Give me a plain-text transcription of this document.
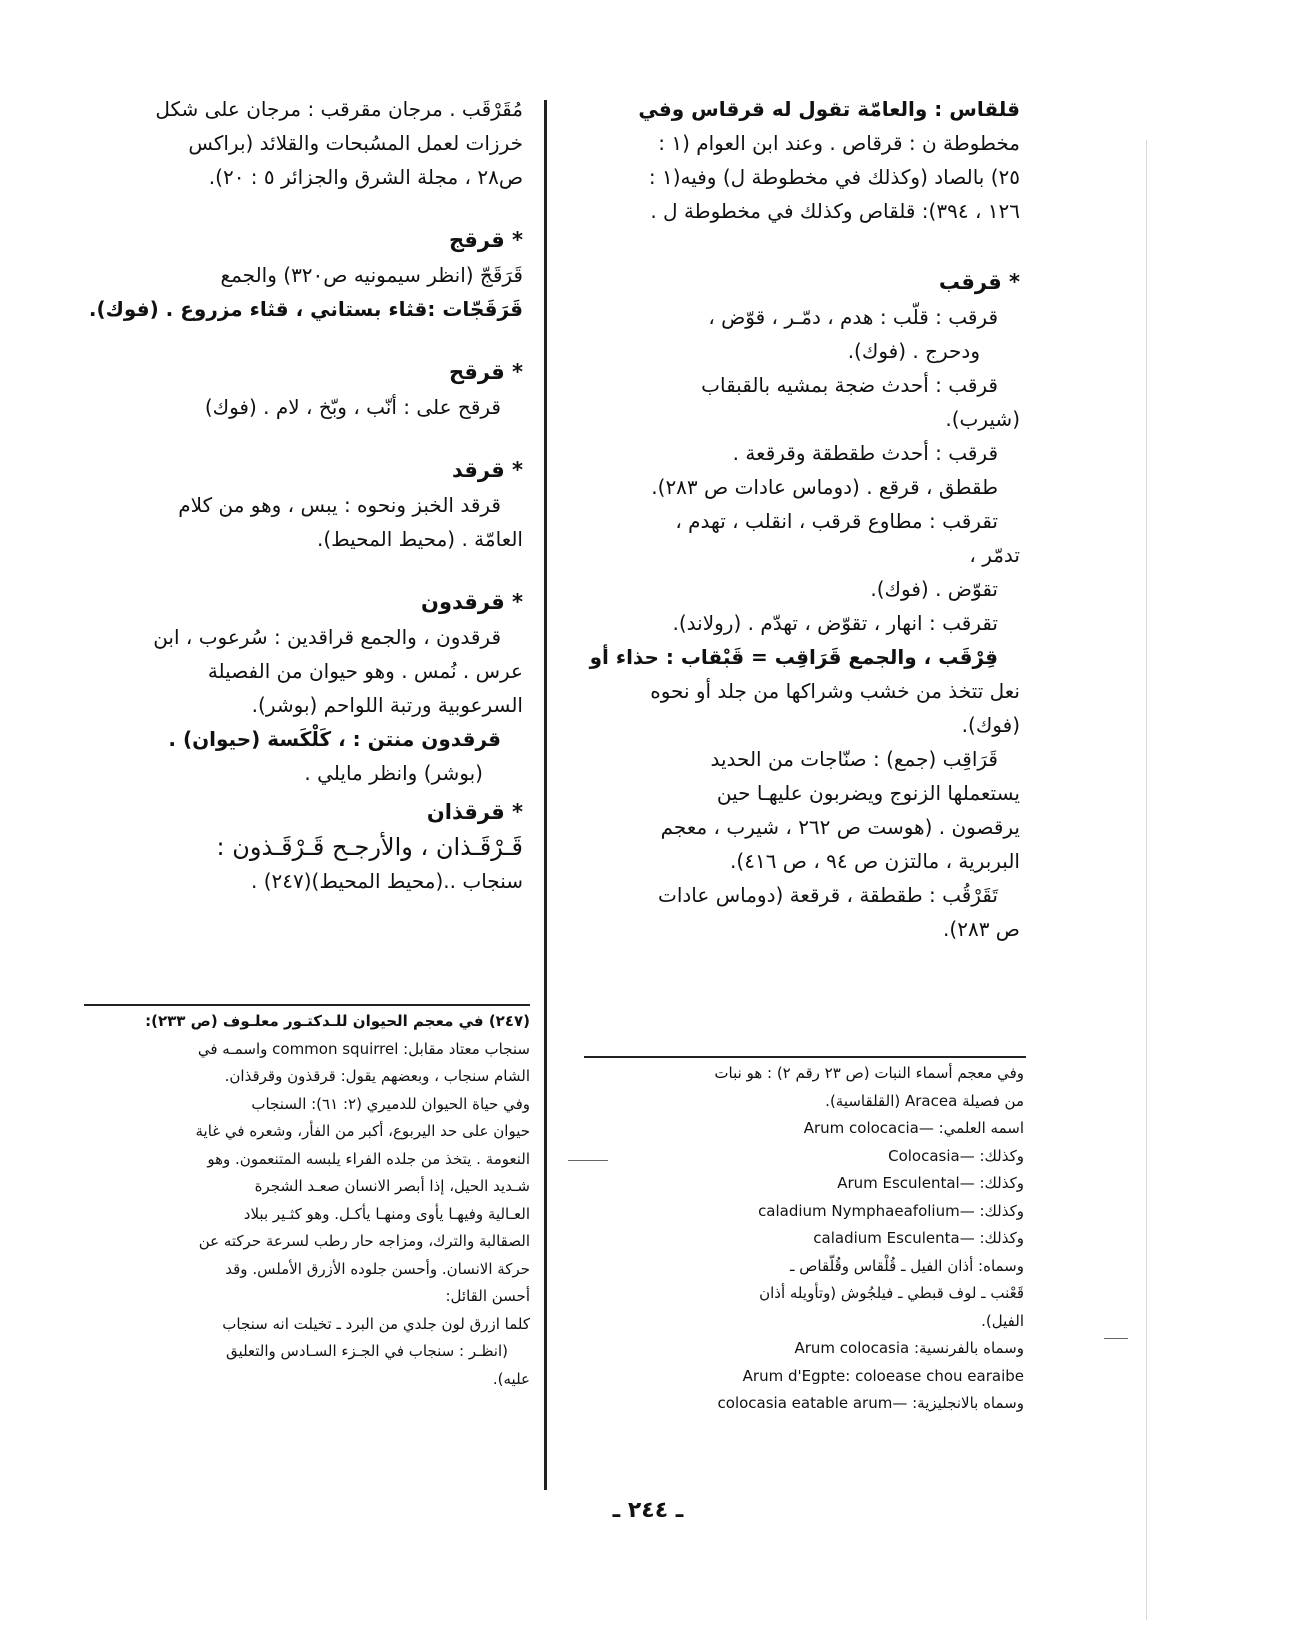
قلقاس : والعامّة تقول له قرقاس وفي
مخطوطة ن : قرقاص . وعند ابن العوام (١ :
٢٥) بالصاد (وكذلك في مخطوطة ل) وفيه(١ :
١٢٦ ، ٣٩٤): قلقاص وكذلك في مخطوطة ل .
* قرقب
قرقب : قلّب : هدم ، دمّـر ، قوّض ،
ودحرج . (فوك).
قرقب : أحدث ضجة بمشيه بالقبقاب
(شيرب).
قرقب : أحدث طقطقة وقرقعة .
طقطق ، قرقع . (دوماس عادات ص ٢٨٣).
تقرقب : مطاوع قرقب ، انقلب ، تهدم ،
تدمّر ،
تقوّض . (فوك).
تقرقب : انهار ، تقوّض ، تهدّم . (رولاند).
قِرْقَب ، والجمع قَرَاقِب = قَبْقاب : حذاء أو
نعل تتخذ من خشب وشراكها من جلد أو نحوه
(فوك).
قَرَاقِب (جمع) : صنّاجات من الحديد
يستعملها الزنوج ويضربون عليهـا حين
يرقصون . (هوست ص ٢٦٢ ، شيرب ، معجم
البربرية ، مالتزن ص ٩٤ ، ص ٤١٦).
تَقَرْقُب : طقطقة ، قرقعة (دوماس عادات
ص ٢٨٣).
وفي معجم أسماء النبات (ص ٢٣ رقم ٢) : هو نبات
من فصيلة Aracea (القلقاسية).
اسمه العلمي: —Arum colocacia
وكذلك: —Colocasia
وكذلك: —Arum Esculental
وكذلك: —caladium Nymphaeafolium
وكذلك: —caladium Esculenta
وسماه: أذان الفيل ـ قُلْقاس وقُلّقاص ـ
قَعْنب ـ لوف قبطي ـ فيلجُوش (وتأويله أذان
الفيل).
وسماه بالفرنسية: Arum colocasia
Arum d'Egpte: coloease chou earaibe
وسماه بالانجليزية: —colocasia eatable arum
مُقَرْقَب . مرجان مقرقب : مرجان على شكل
خرزات لعمل المسُبحات والقلائد (براكس
ص٢٨ ، مجلة الشرق والجزائر ٥ : ٢٠).
* قرقج
قَرَقَجّ (انظر سيمونيه ص٣٢٠) والجمع
قَرَقَجّات :قثاء بستاني ، قثاء مزروع . (فوك).
* قرقح
قرقح على : أنّب ، وبّخ ، لام . (فوك)
* قرقد
قرقد الخبز ونحوه : يبس ، وهو من كلام
العامّة . (محيط المحيط).
* قرقدون
قرقدون ، والجمع قراقدين : سُرعوب ، ابن
عرس . نُمس . وهو حيوان من الفصيلة
السرعوبية ورتبة اللواحم (بوشر).
قرقدون منتن : ، كَلْكَسة (حيوان) .
(بوشر) وانظر مايلي .
* قرقذان
قَـرْقَـذان ، والأرجـح قَـرْقَـذون :
سنجاب ..(محيط المحيط)(٢٤٧) .
(٢٤٧) في معجم الحيوان للـدكتـور معلـوف (ص ٢٣٣):
سنجاب معتاد مقابل: common squirrel واسمـه في
الشام سنجاب ، وبعضهم يقول: قرقذون وقرقذان.
وفي حياة الحيوان للدميري (٢: ٦١): السنجاب
حيوان على حد اليربوع، أكبر من الفأر، وشعره في غاية
النعومة . يتخذ من جلده الفراء يلبسه المتنعمون. وهو
شـديد الحيل، إذا أبصر الانسان صعـد الشجرة
العـالية وفيهـا يأوى ومنهـا يأكـل. وهو كثـير ببلاد
الصقالبة والترك، ومزاجه حار رطب لسرعة حركته عن
حركة الانسان. وأحسن جلوده الأزرق الأملس. وقد
أحسن القائل:
كلما ازرق لون جلدي من البرد ـ تخيلت انه سنجاب
(انظـر : سنجاب في الجـزء السـادس والتعليق
عليه).
ـ ٢٤٤ ـ
